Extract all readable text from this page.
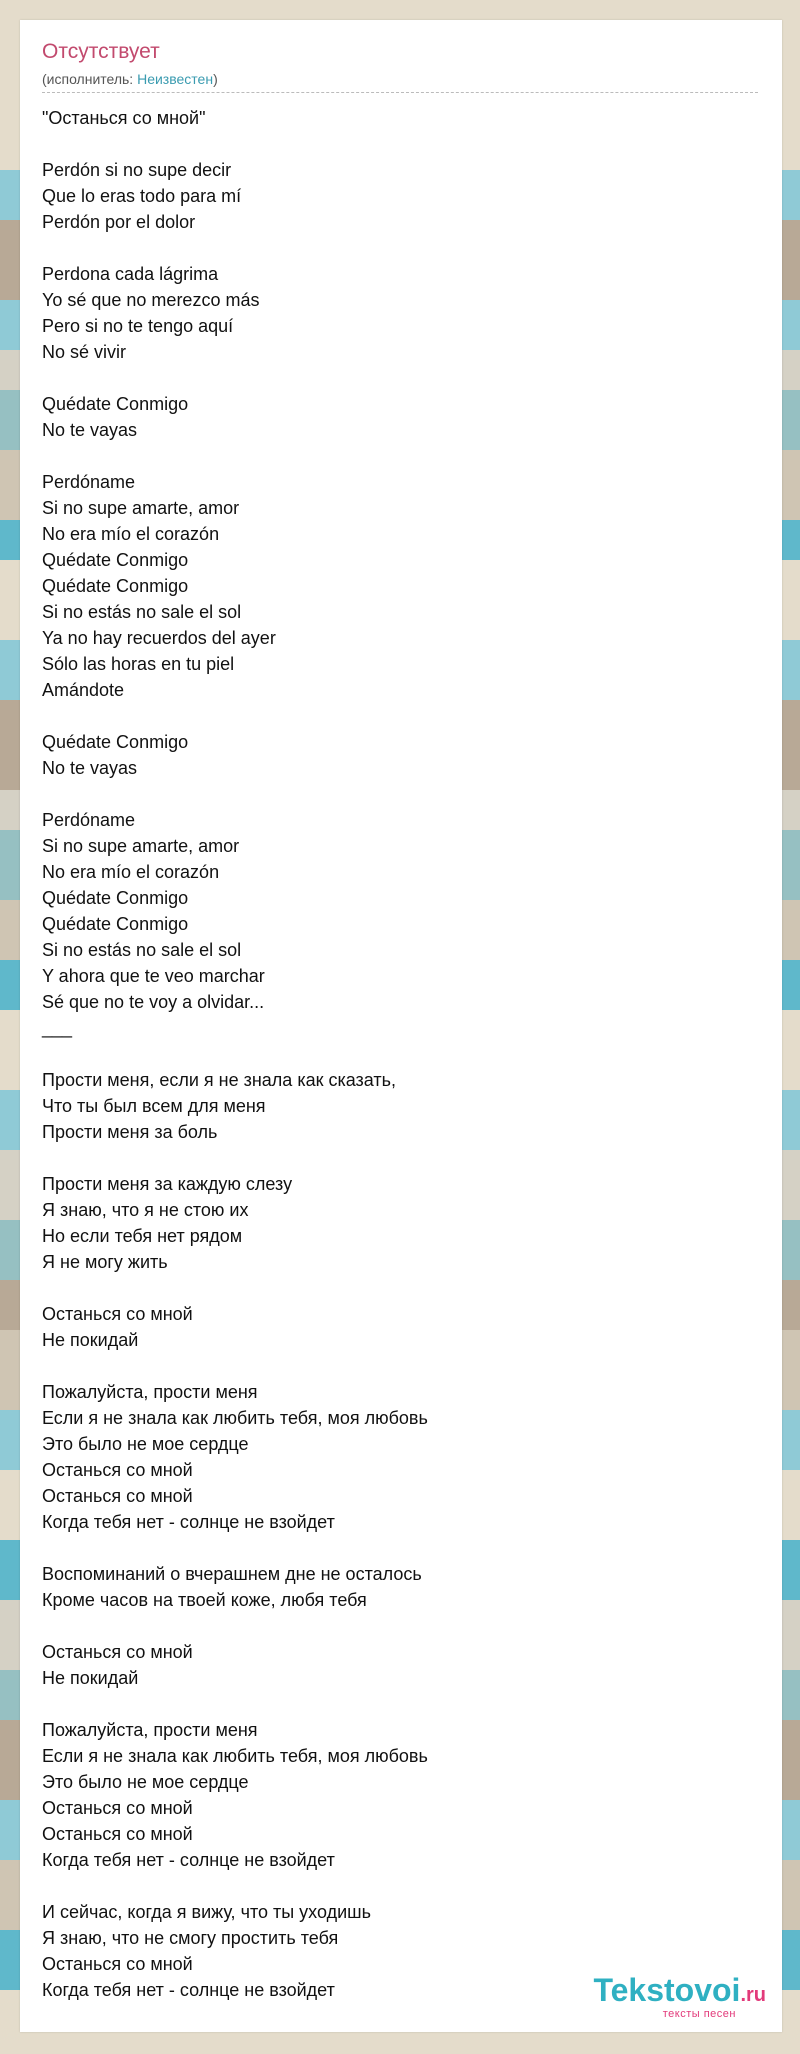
Отсутствует
(исполнитель: Неизвестен)
"Останься со мной"
Perdón si no supe decir
Que lo eras todo para mí
Perdón por el dolor
Perdona cada lágrima
Yo sé que no merezco más
Pero si no te tengo aquí
No sé vivir
Quédate Conmigo
No te vayas
Perdóname
Si no supe amarte, amor
No era mío el corazón
Quédate Conmigo
Quédate Conmigo
Si no estás no sale el sol
Ya no hay recuerdos del ayer
Sólo las horas en tu piel
Amándote
Quédate Conmigo
No te vayas
Perdóname
Si no supe amarte, amor
No era mío el corazón
Quédate Conmigo
Quédate Conmigo
Si no estás no sale el sol
Y ahora que te veo marchar
Sé que no te voy a olvidar...
___
Прости меня, если я не знала как сказать,
Что ты был всем для меня
Прости меня за боль
Прости меня за каждую слезу
Я знаю, что я не стою их
Но если тебя нет рядом
Я не могу жить
Останься со мной
Не покидай
Пожалуйста, прости меня
Если я не знала как любить тебя, моя любовь
Это было не мое сердце
Останься со мной
Останься со мной
Когда тебя нет - солнце не взойдет
Воспоминаний о вчерашнем дне не осталось
Кроме часов на твоей коже, любя тебя
Останься со мной
Не покидай
Пожалуйста, прости меня
Если я не знала как любить тебя, моя любовь
Это было не мое сердце
Останься со мной
Останься со мной
Когда тебя нет - солнце не взойдет
И сейчас, когда я вижу, что ты уходишь
Я знаю, что не смогу простить тебя
Останься со мной
Когда тебя нет - солнце не взойдет	Tekstovoi.ru
тексты песен
